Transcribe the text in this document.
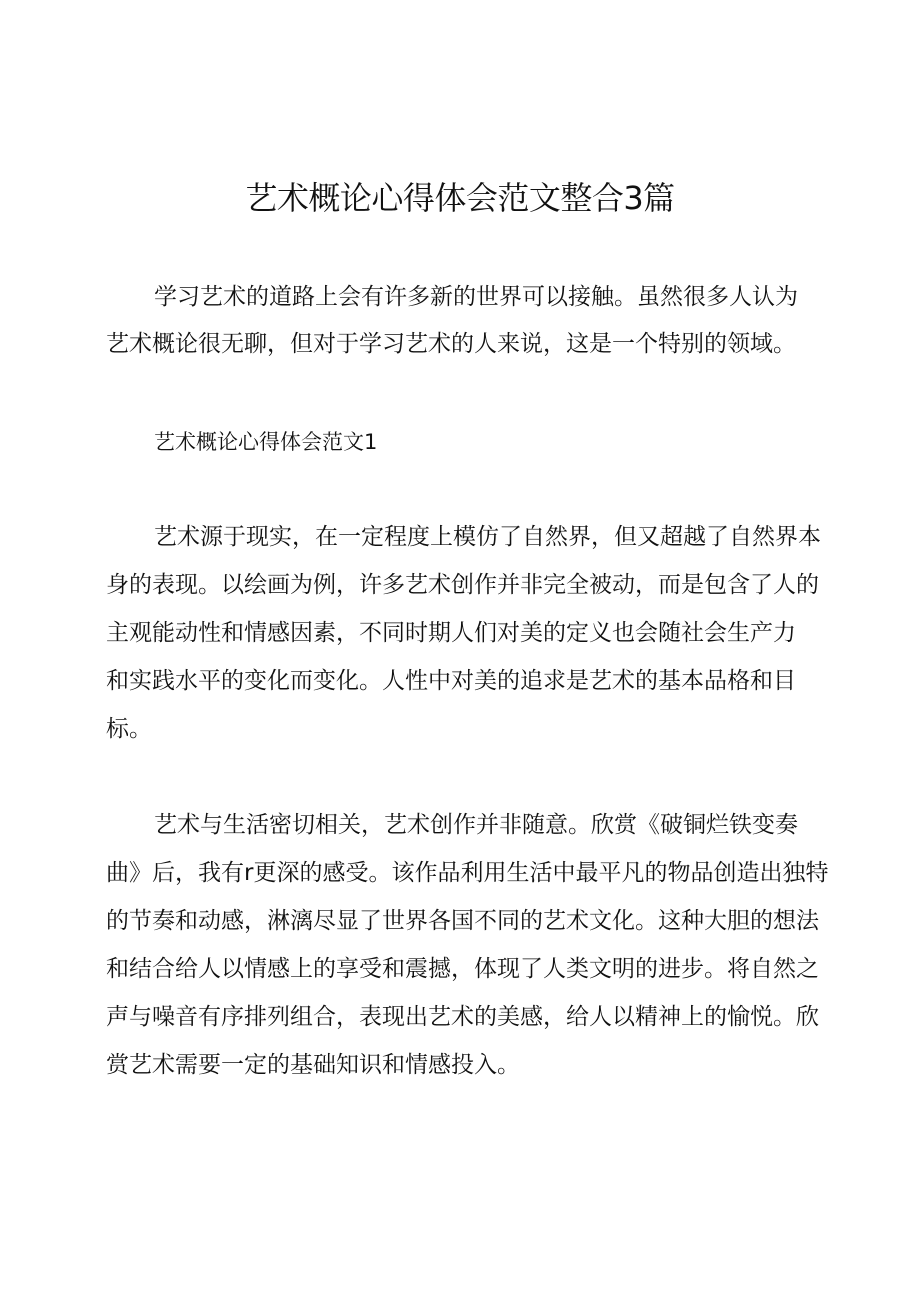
艺术概论心得体会范文整合3篇

学习艺术的道路上会有许多新的世界可以接触。虽然很多人认为

艺术概论很无聊，但对于学习艺术的人来说，这是一个特别的领域。

艺术概论心得体会范文1

艺术源于现实，在一定程度上模仿了自然界，但又超越了自然界本

身的表现。以绘画为例，许多艺术创作并非完全被动，而是包含了人的

主观能动性和情感因素，不同时期人们对美的定义也会随社会生产力

和实践水平的变化而变化。人性中对美的追求是艺术的基本品格和目

标。

艺术与生活密切相关，艺术创作并非随意。欣赏《破铜烂铁变奏

曲》后，我有r更深的感受。该作品利用生活中最平凡的物品创造出独特

的节奏和动感，淋漓尽显了世界各国不同的艺术文化。这种大胆的想法

和结合给人以情感上的享受和震撼，体现了人类文明的进步。将自然之

声与噪音有序排列组合，表现出艺术的美感，给人以精神上的愉悦。欣

赏艺术需要一定的基础知识和情感投入。
